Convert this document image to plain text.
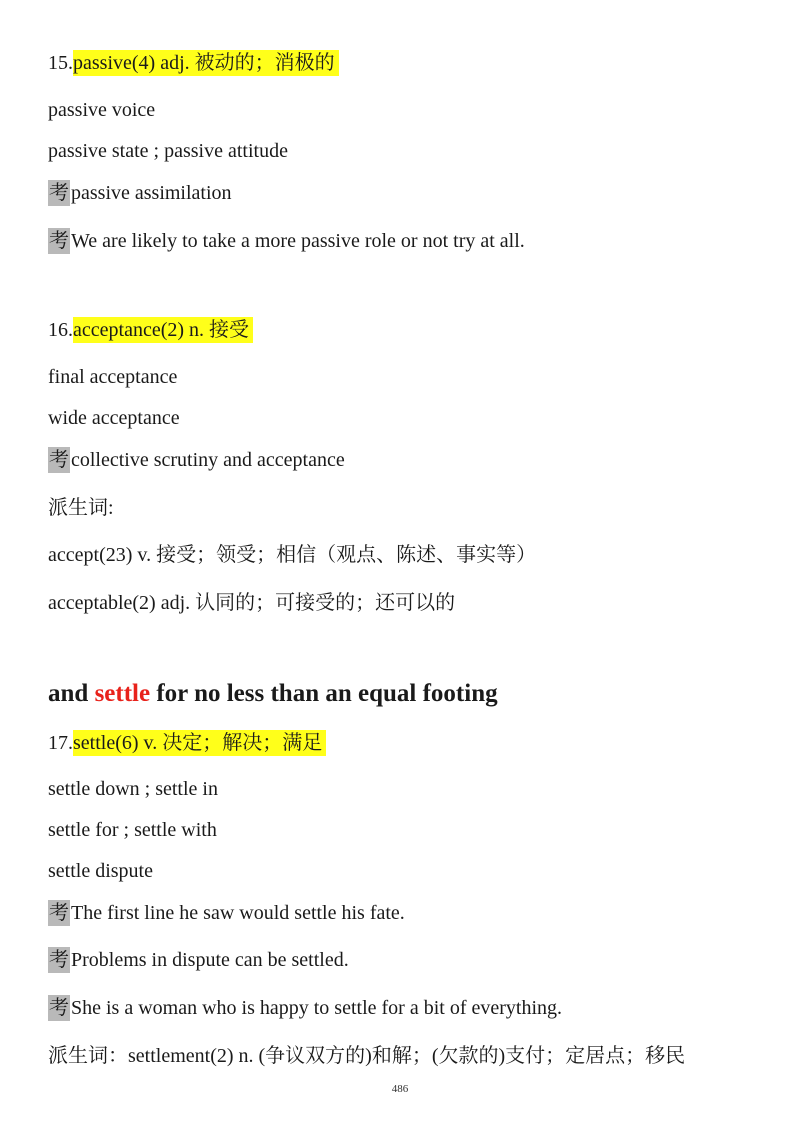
15.passive(4) adj. 被动的；消极的
passive voice
passive state ; passive attitude
考 passive assimilation
考 We are likely to take a more passive role or not try at all.
16.acceptance(2) n. 接受
final acceptance
wide acceptance
考 collective scrutiny and acceptance
派生词:
accept(23) v. 接受；领受；相信（观点、陈述、事实等）
acceptable(2) adj. 认同的；可接受的；还可以的
and settle for no less than an equal footing
17.settle(6) v. 决定；解决；满足
settle down ; settle in
settle for ; settle with
settle dispute
考 The first line he saw would settle his fate.
考 Problems in dispute can be settled.
考 She is a woman who is happy to settle for a bit of everything.
派生词：settlement(2) n. (争议双方的)和解；(欠款的)支付；定居点；移民
486
